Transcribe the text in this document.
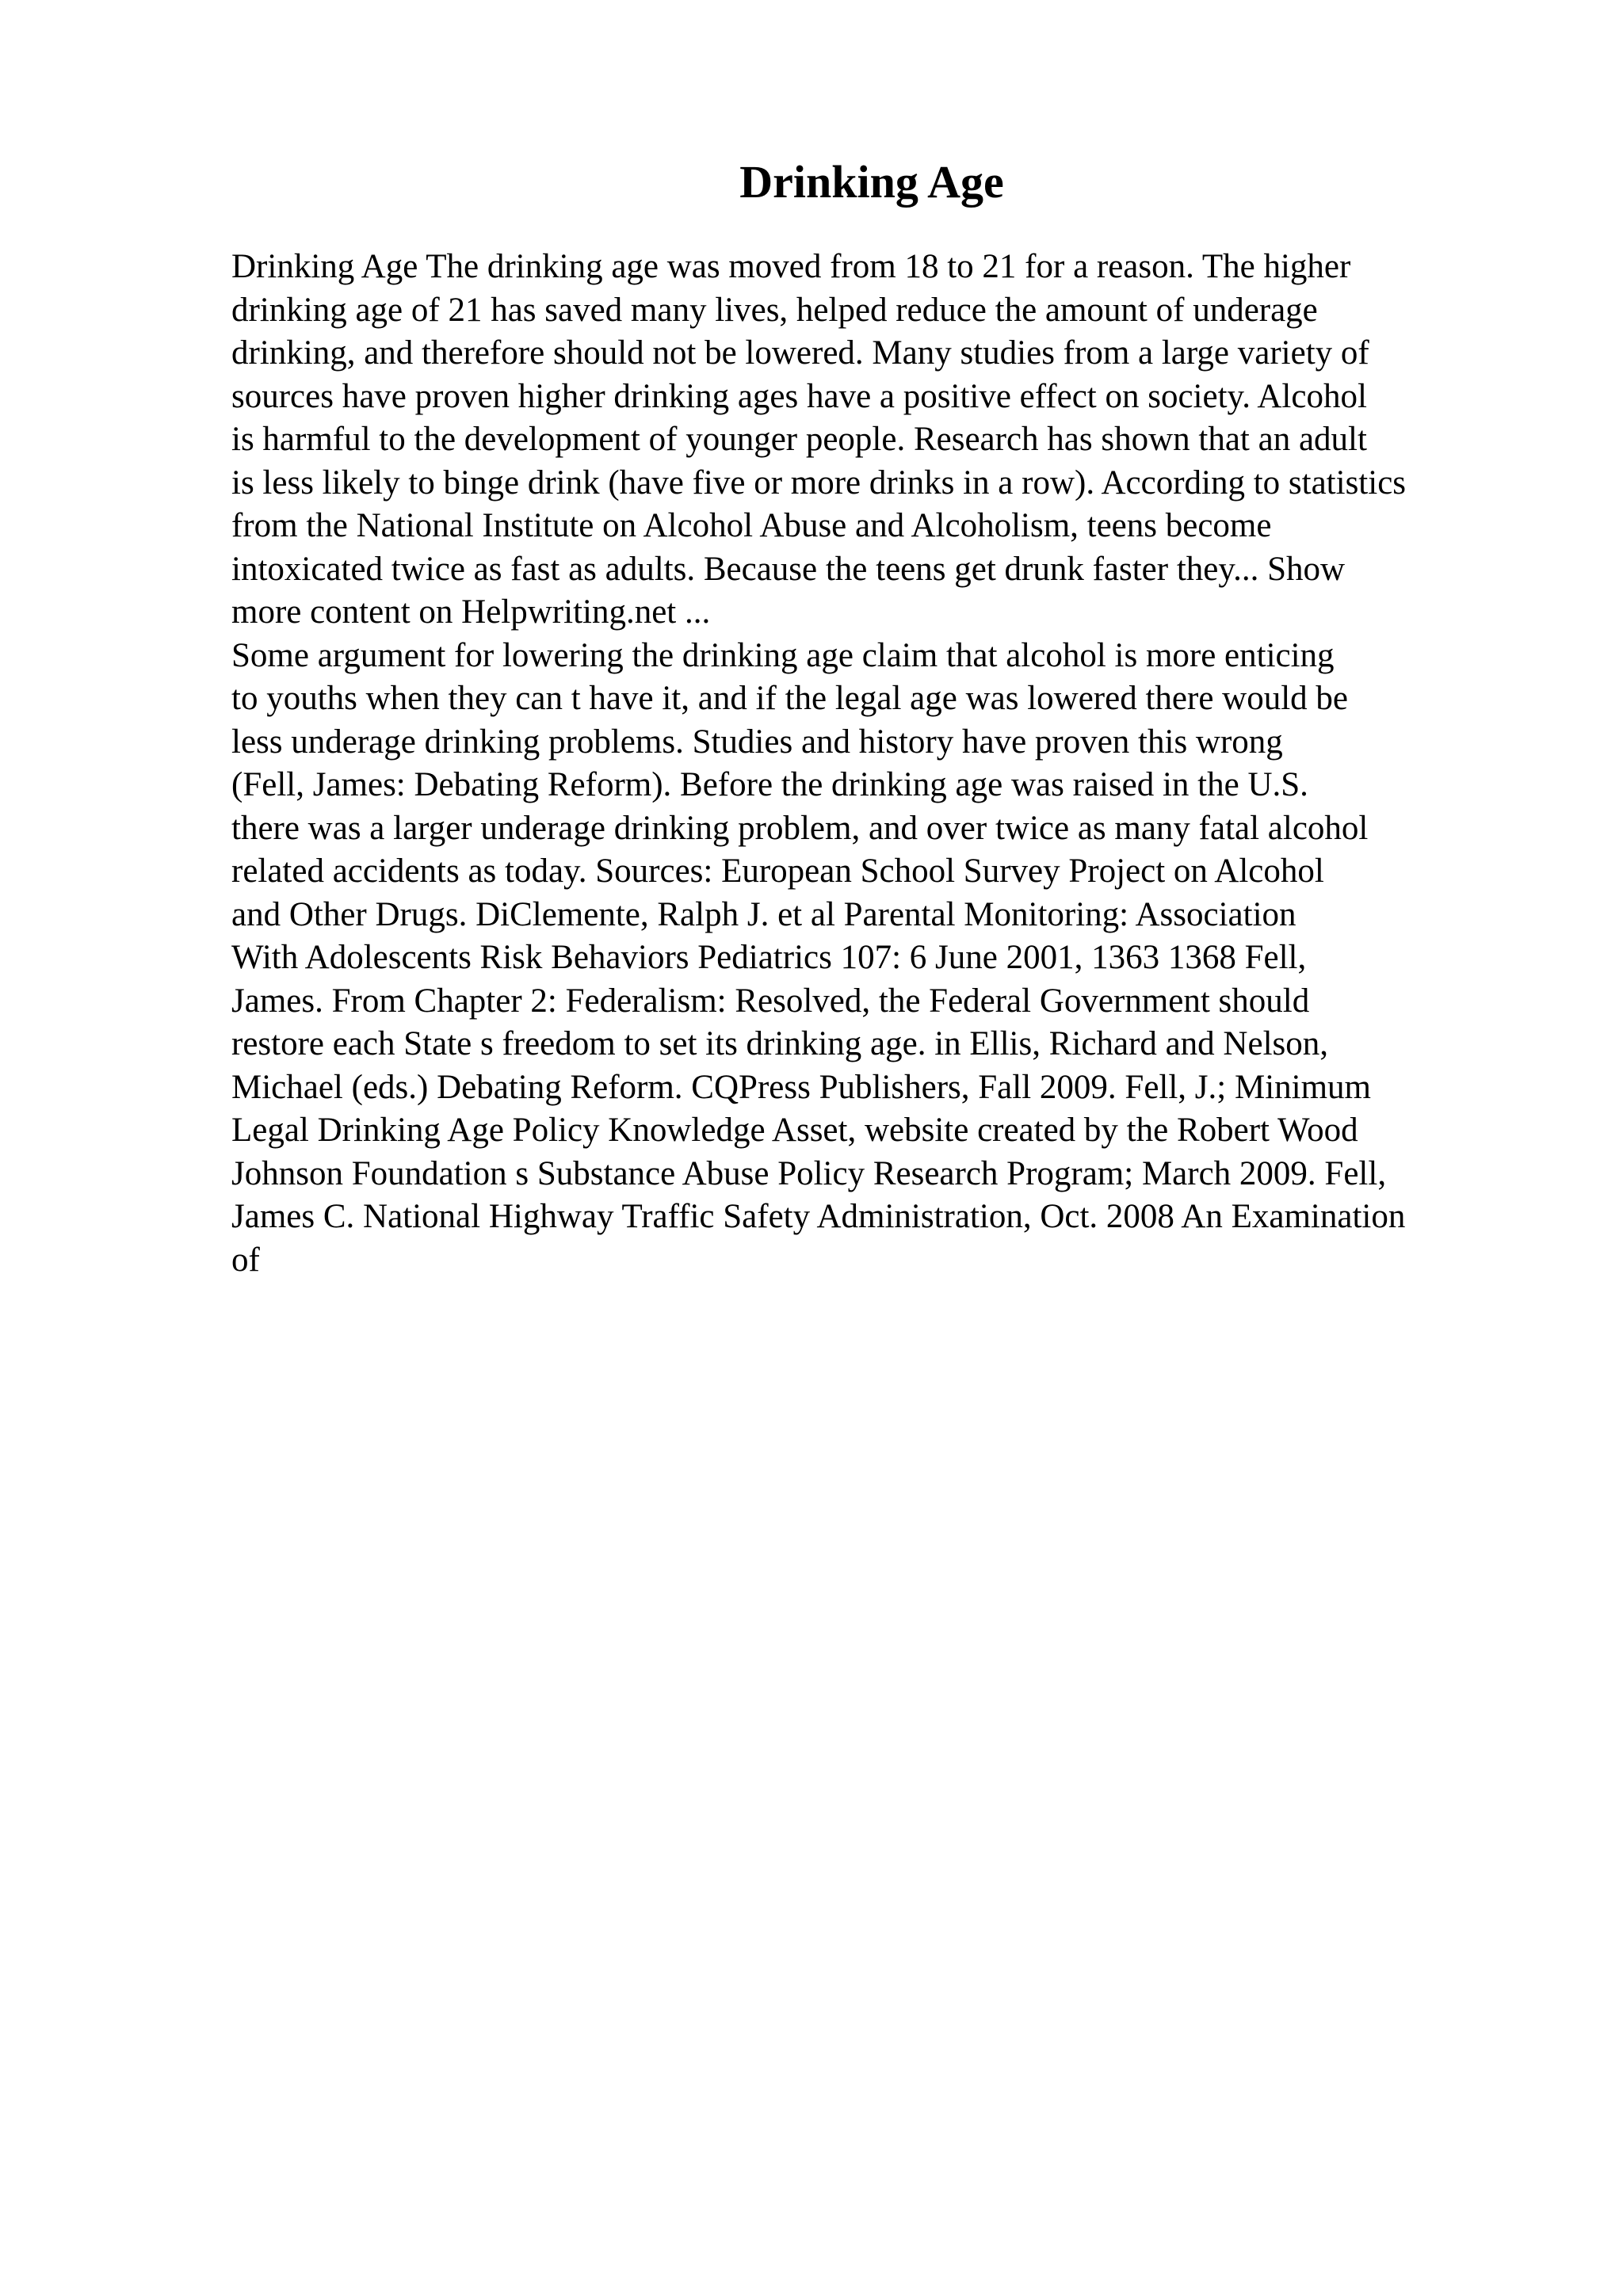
Drinking Age
Drinking Age The drinking age was moved from 18 to 21 for a reason. The higher
drinking age of 21 has saved many lives, helped reduce the amount of underage
drinking, and therefore should not be lowered. Many studies from a large variety of
sources have proven higher drinking ages have a positive effect on society. Alcohol
is harmful to the development of younger people. Research has shown that an adult
is less likely to binge drink (have five or more drinks in a row). According to statistics
from the National Institute on Alcohol Abuse and Alcoholism, teens become
intoxicated twice as fast as adults. Because the teens get drunk faster they... Show
more content on Helpwriting.net ...
Some argument for lowering the drinking age claim that alcohol is more enticing
to youths when they can t have it, and if the legal age was lowered there would be
less underage drinking problems. Studies and history have proven this wrong
(Fell, James: Debating Reform). Before the drinking age was raised in the U.S.
there was a larger underage drinking problem, and over twice as many fatal alcohol
related accidents as today. Sources: European School Survey Project on Alcohol
and Other Drugs. DiClemente, Ralph J. et al Parental Monitoring: Association
With Adolescents Risk Behaviors Pediatrics 107: 6 June 2001, 1363 1368 Fell,
James. From Chapter 2: Federalism: Resolved, the Federal Government should
restore each State s freedom to set its drinking age. in Ellis, Richard and Nelson,
Michael (eds.) Debating Reform. CQPress Publishers, Fall 2009. Fell, J.; Minimum
Legal Drinking Age Policy Knowledge Asset, website created by the Robert Wood
Johnson Foundation s Substance Abuse Policy Research Program; March 2009. Fell,
James C. National Highway Traffic Safety Administration, Oct. 2008 An Examination
of
